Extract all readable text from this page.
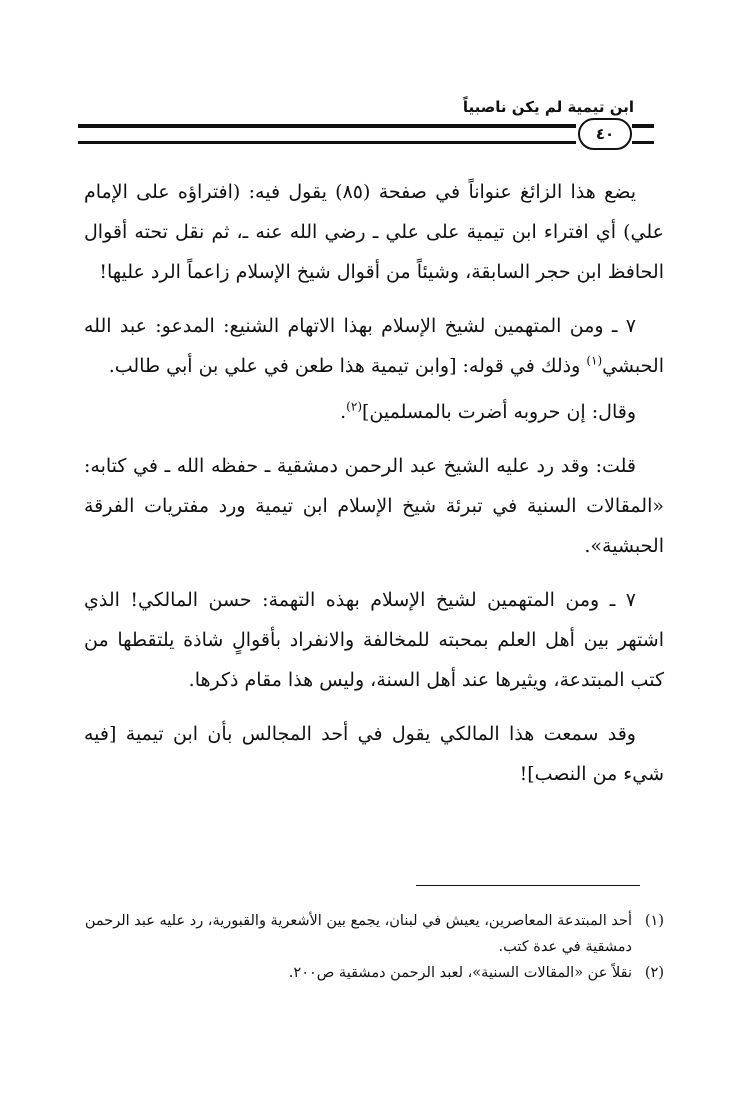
ابن تيمية لم يكن ناصبياً
٤٠

يضع هذا الزائغ عنواناً في صفحة (٨٥) يقول فيه: (افتراؤه على الإمام علي) أي افتراء ابن تيمية على علي ـ رضي الله عنه ـ، ثم نقل تحته أقوال الحافظ ابن حجر السابقة، وشيئاً من أقوال شيخ الإسلام زاعماً الرد عليها!

٧ ـ ومن المتهمين لشيخ الإسلام بهذا الاتهام الشنيع: المدعو: عبد الله الحبشي$^{(١)}$ وذلك في قوله: [وابن تيمية هذا طعن في علي بن أبي طالب.

وقال: إن حروبه أضرت بالمسلمين]$^{(٢)}$.

قلت: وقد رد عليه الشيخ عبد الرحمن دمشقية ـ حفظه الله ـ في كتابه: «المقالات السنية في تبرئة شيخ الإسلام ابن تيمية ورد مفتريات الفرقة الحبشية».

٧ ـ ومن المتهمين لشيخ الإسلام بهذه التهمة: حسن المالكي! الذي اشتهر بين أهل العلم بمحبته للمخالفة والانفراد بأقوالٍ شاذة يلتقطها من كتب المبتدعة، ويثيرها عند أهل السنة، وليس هذا مقام ذكرها.

وقد سمعت هذا المالكي يقول في أحد المجالس بأن ابن تيمية [فيه شيء من النصب]!

(١)
أحد المبتدعة المعاصرين، يعيش في لبنان، يجمع بين الأشعرية والقبورية، رد عليه عبد الرحمن دمشقية في عدة كتب.
(٢)
نقلاً عن «المقالات السنية»، لعبد الرحمن دمشقية ص٢٠٠.
